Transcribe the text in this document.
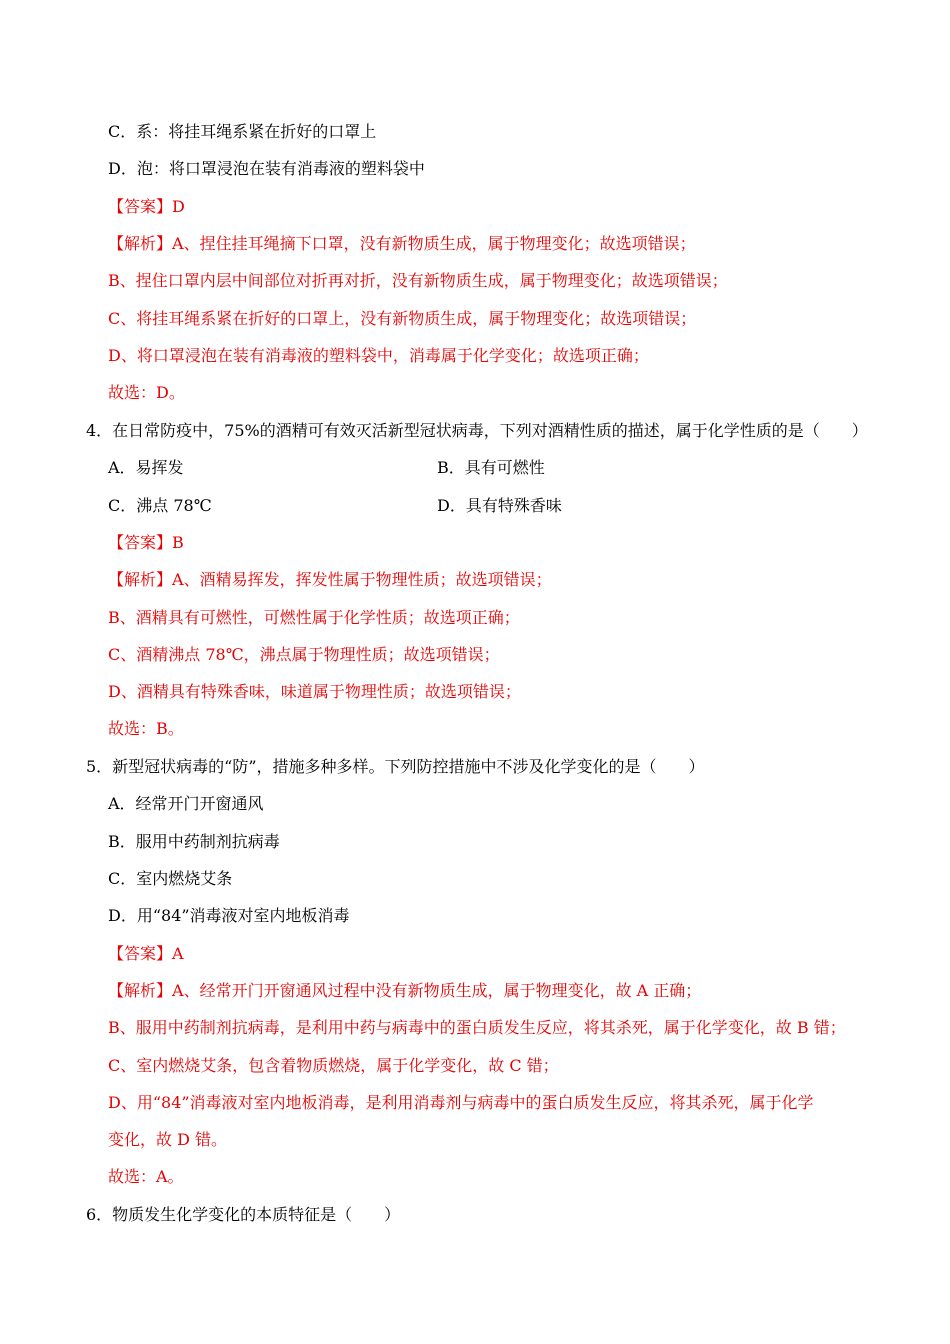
C．系：将挂耳绳系紧在折好的口罩上
D．泡：将口罩浸泡在装有消毒液的塑料袋中
【答案】D
【解析】A、捏住挂耳绳摘下口罩，没有新物质生成，属于物理变化；故选项错误；
B、捏住口罩内层中间部位对折再对折，没有新物质生成，属于物理变化；故选项错误；
C、将挂耳绳系紧在折好的口罩上，没有新物质生成，属于物理变化；故选项错误；
D、将口罩浸泡在装有消毒液的塑料袋中，消毒属于化学变化；故选项正确；
故选：D。
4．在日常防疫中，75%的酒精可有效灭活新型冠状病毒，下列对酒精性质的描述，属于化学性质的是（　　）
A．易挥发	B．具有可燃性
C．沸点 78℃	D．具有特殊香味
【答案】B
【解析】A、酒精易挥发，挥发性属于物理性质；故选项错误；
B、酒精具有可燃性，可燃性属于化学性质；故选项正确；
C、酒精沸点 78℃，沸点属于物理性质；故选项错误；
D、酒精具有特殊香味，味道属于物理性质；故选项错误；
故选：B。
5．新型冠状病毒的“防”，措施多种多样。下列防控措施中不涉及化学变化的是（　　）
A．经常开门开窗通风
B．服用中药制剂抗病毒
C．室内燃烧艾条
D．用“84”消毒液对室内地板消毒
【答案】A
【解析】A、经常开门开窗通风过程中没有新物质生成，属于物理变化，故 A 正确；
B、服用中药制剂抗病毒，是利用中药与病毒中的蛋白质发生反应，将其杀死，属于化学变化，故 B 错；
C、室内燃烧艾条，包含着物质燃烧，属于化学变化，故 C 错；
D、用“84”消毒液对室内地板消毒，是利用消毒剂与病毒中的蛋白质发生反应，将其杀死，属于化学
变化，故 D 错。
故选：A。
6．物质发生化学变化的本质特征是（　　）
